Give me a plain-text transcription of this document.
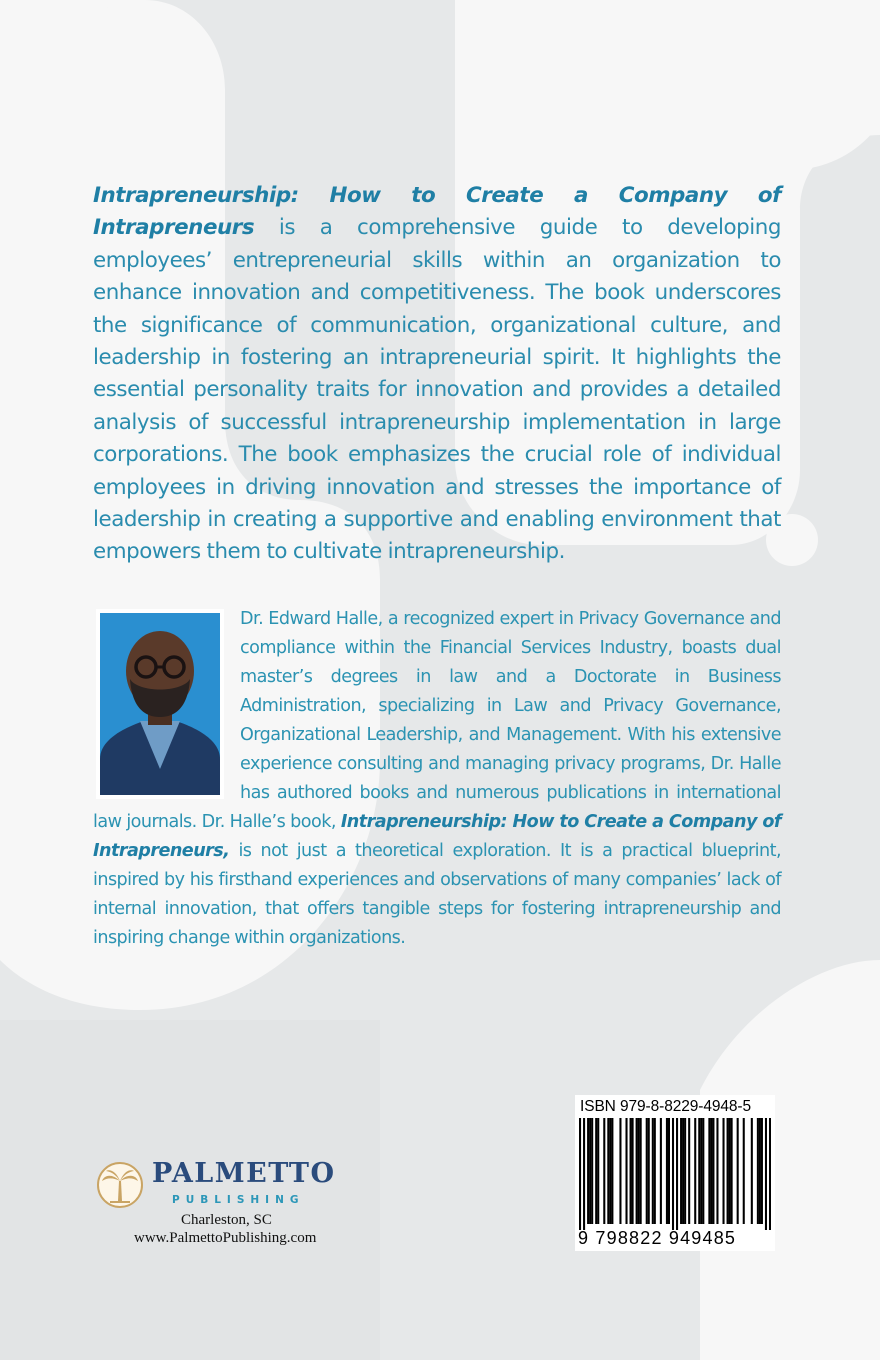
Intrapreneurship: How to Create a Company of Intrapreneurs is a comprehensive guide to developing employees’ entrepreneurial skills within an organization to enhance innovation and competitiveness. The book underscores the significance of communication, organizational culture, and leadership in fostering an intrapreneurial spirit. It highlights the essential personality traits for innovation and provides a detailed analysis of successful intrapreneurship implementation in large corporations. The book emphasizes the crucial role of individual employees in driving innovation and stresses the importance of leadership in creating a supportive and enabling environment that empowers them to cultivate intrapreneurship.

Dr. Edward Halle, a recognized expert in Privacy Governance and compliance within the Financial Services Industry, boasts dual master’s degrees in law and a Doctorate in Business Administration, specializing in Law and Privacy Governance, Organizational Leadership, and Management. With his extensive experience consulting and managing privacy programs, Dr. Halle has authored books and numerous publications in international law journals. Dr. Halle’s book, Intrapreneurship: How to Create a Company of Intrapreneurs, is not just a theoretical exploration. It is a practical blueprint, inspired by his firsthand experiences and observations of many companies’ lack of internal innovation, that offers tangible steps for fostering intrapreneurship and inspiring change within organizations.

PALMETTO

PUBLISHING

Charleston, SC

www.PalmettoPublishing.com

ISBN 979-8-8229-4948-5

9 798822 949485
